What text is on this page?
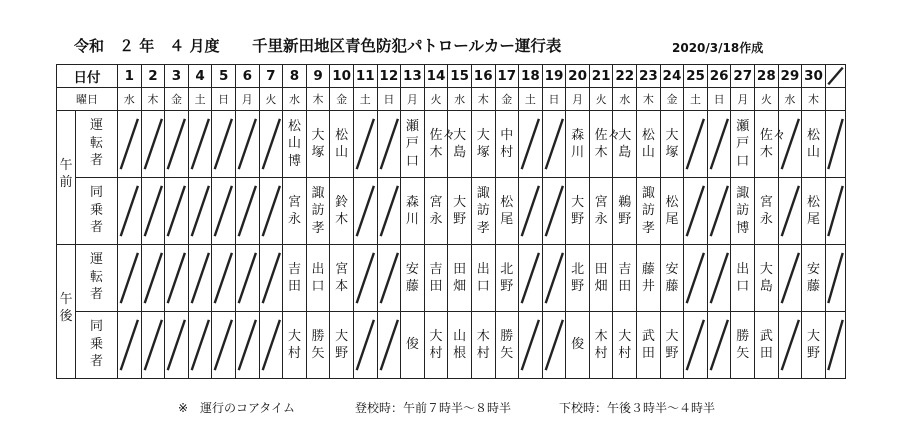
令和　２ 年　４ 月度 千里新田地区青色防犯パトロールカー運行表	2020/3/18作成
日付		1	2	3	4	5	6	7	8	9	10	11	12	13	14	15	16	17	18	19	20	21	22	23	24	25	26	27	28	29	30	

曜日		水	木	金	土	日	月	火	水	木	金	土	日	月	火	水	木	金	土	日	月	火	水	木	金	土	日	月	火	水	木	
午前	運転者								松山博	大塚	松山			瀬戸口	佐々木	大島	大塚	中村			森川	佐々木	大島	松山	大塚			瀬戸口	佐々木		松山	

	同乗者								宮永	諏訪孝	鈴木			森川	宮永	大野	諏訪孝	松尾			大野	宮永	鵜野	諏訪孝	松尾			諏訪博	宮永		松尾	

午後	運転者								吉田	出口	宮本			安藤	吉田	田畑	出口	北野			北野	田畑	吉田	藤井	安藤			出口	大島		安藤	

	同乗者								大村	勝矢	大野			俊	大村	山根	木村	勝矢			俊	木村	大村	武田	大野			勝矢	武田		大野	
※　運行のコアタイム　　　　　登校時：午前７時半～８時半　　　　下校時：午後３時半～４時半
